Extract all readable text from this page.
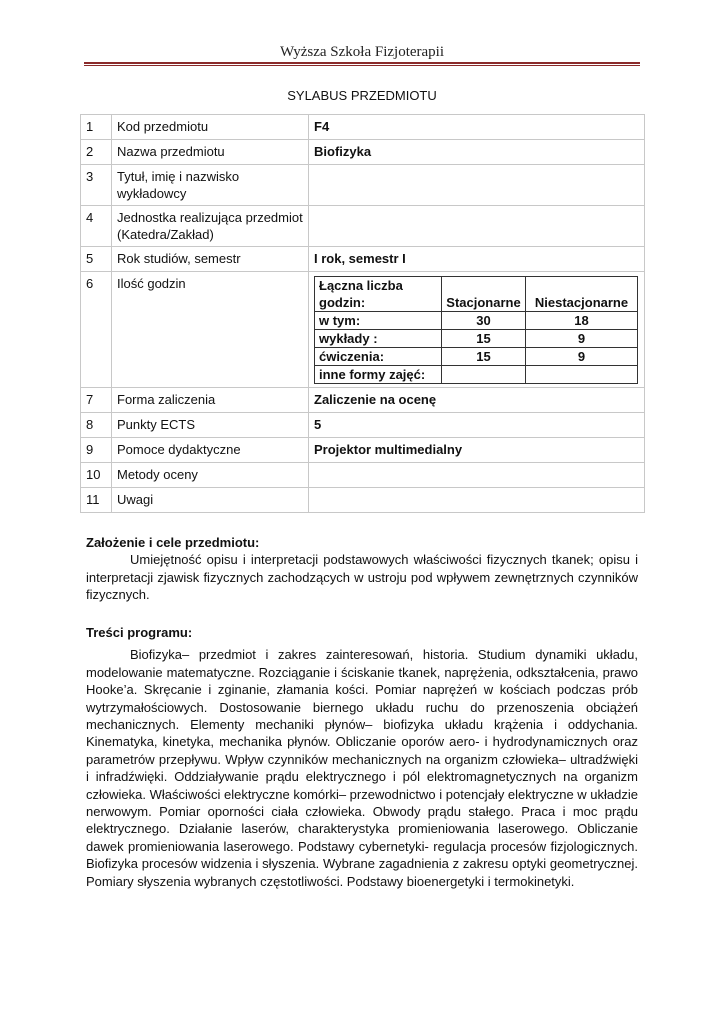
Wyższa Szkoła Fizjoterapii
SYLABUS PRZEDMIOTU
1	Kod przedmiotu	F4
2	Nazwa przedmiotu	Biofizyka
3	Tytuł, imię i nazwisko wykładowcy	
4	Jednostka realizująca przedmiot (Katedra/Zakład)	
5	Rok studiów, semestr	I rok, semestr I
6	Ilość godzin		Łączna liczba godzin:	Stacjonarne	Niestacjonarne
w tym:	30	18
wykłady :	15	9
ćwiczenia:	15	9
inne formy zajęć:		

7	Forma zaliczenia	Zaliczenie na ocenę
8	Punkty ECTS	5
9	Pomoce dydaktyczne	Projektor multimedialny
10	Metody oceny	
11	Uwagi	
Założenie i cele przedmiotu:
Umiejętność opisu i interpretacji podstawowych właściwości fizycznych tkanek; opisu i interpretacji zjawisk fizycznych zachodzących w ustroju pod wpływem zewnętrznych czynników fizycznych.
Treści programu:
Biofizyka– przedmiot i zakres zainteresowań, historia. Studium dynamiki układu, modelowanie matematyczne. Rozciąganie i ściskanie tkanek, naprężenia, odkształcenia, prawo Hooke’a. Skręcanie i zginanie, złamania kości. Pomiar naprężeń w kościach podczas prób wytrzymałościowych. Dostosowanie biernego układu ruchu do przenoszenia obciążeń mechanicznych. Elementy mechaniki płynów– biofizyka układu krążenia i oddychania. Kinematyka, kinetyka, mechanika płynów. Obliczanie oporów aero- i hydrodynamicznych oraz parametrów przepływu. Wpływ czynników mechanicznych na organizm człowieka– ultradźwięki i infradźwięki. Oddziaływanie prądu elektrycznego i pól elektromagnetycznych na organizm człowieka. Właściwości elektryczne komórki– przewodnictwo i potencjały elektryczne w układzie nerwowym. Pomiar oporności ciała człowieka. Obwody prądu stałego. Praca i moc prądu elektrycznego. Działanie laserów, charakterystyka promieniowania laserowego. Obliczanie dawek promieniowania laserowego. Podstawy cybernetyki- regulacja procesów fizjologicznych. Biofizyka procesów widzenia i słyszenia. Wybrane zagadnienia z zakresu optyki geometrycznej. Pomiary słyszenia wybranych częstotliwości. Podstawy bioenergetyki i termokinetyki.
